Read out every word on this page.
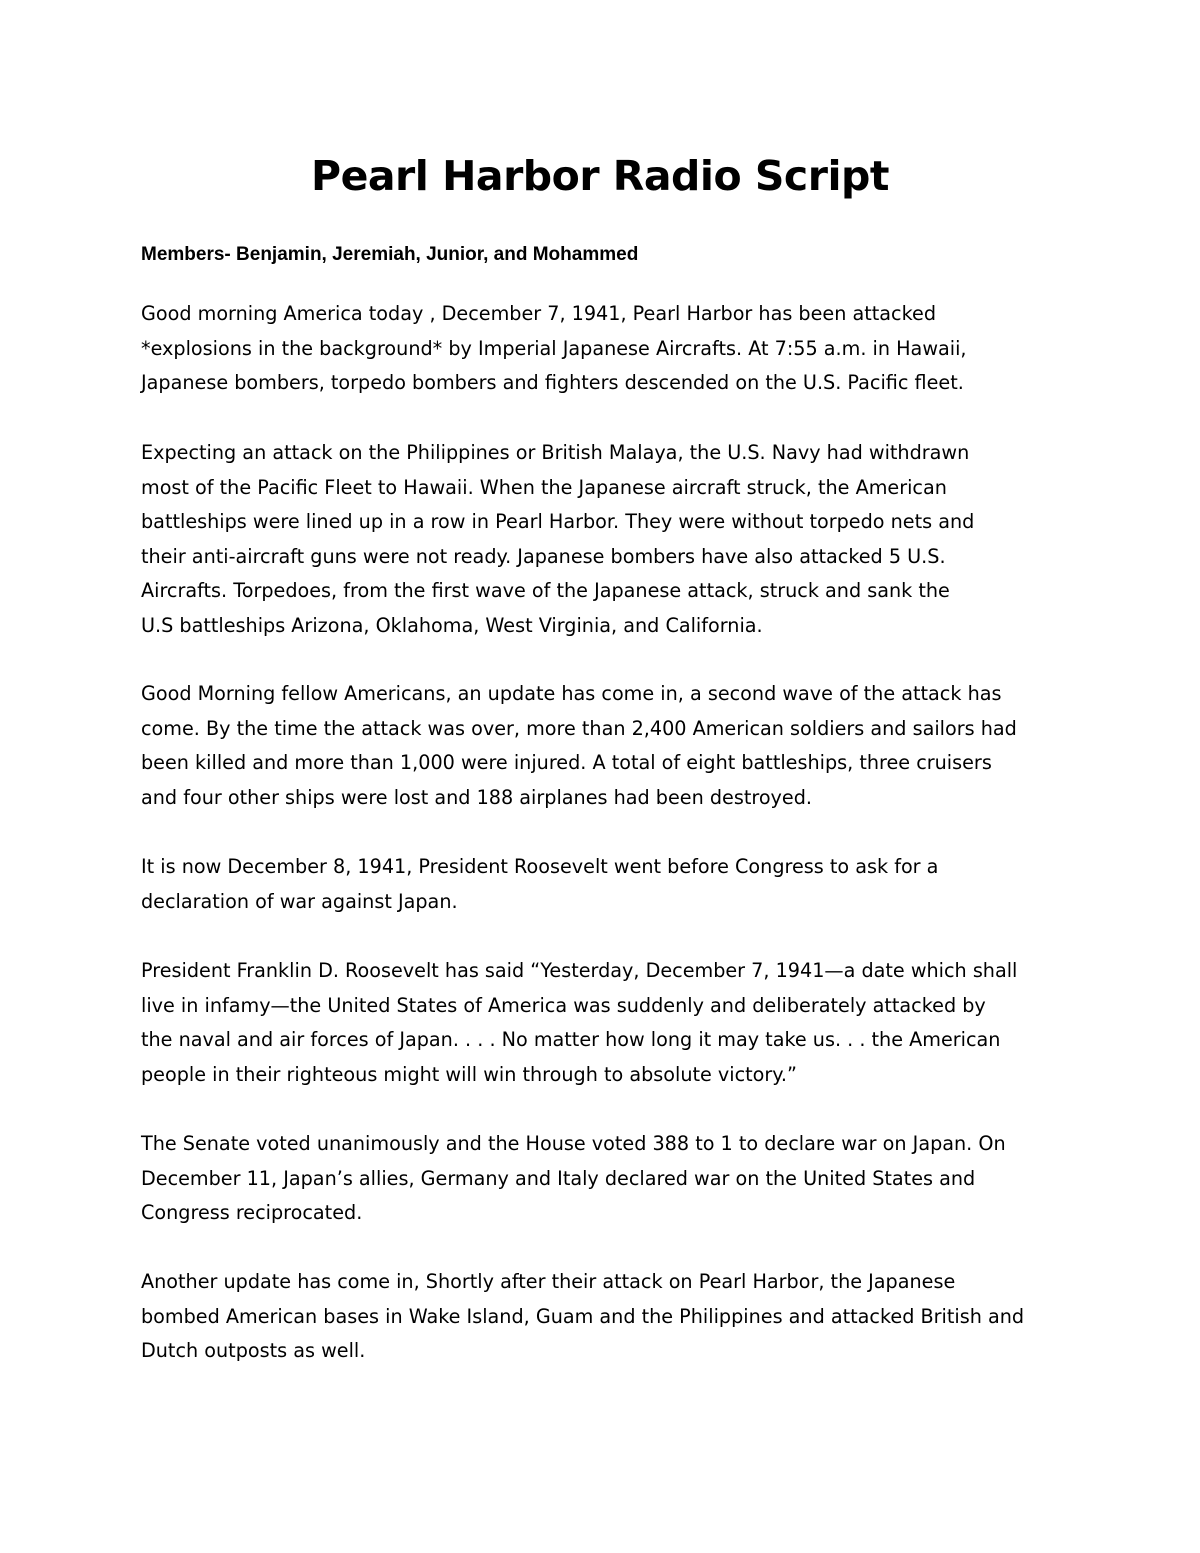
Pearl Harbor Radio Script

Members- Benjamin, Jeremiah, Junior, and Mohammed

Good morning America today , December 7, 1941, Pearl Harbor has been attacked
*explosions in the background* by Imperial Japanese Aircrafts. At 7:55 a.m. in Hawaii,
Japanese bombers, torpedo bombers and fighters descended on the U.S. Pacific fleet.
Expecting an attack on the Philippines or British Malaya, the U.S. Navy had withdrawn
most of the Pacific Fleet to Hawaii. When the Japanese aircraft struck, the American
battleships were lined up in a row in Pearl Harbor. They were without torpedo nets and
their anti-aircraft guns were not ready. Japanese bombers have also attacked 5 U.S.
Aircrafts. Torpedoes, from the first wave of the Japanese attack, struck and sank the
U.S battleships Arizona, Oklahoma, West Virginia, and California.
Good Morning fellow Americans, an update has come in, a second wave of the attack has
come. By the time the attack was over, more than 2,400 American soldiers and sailors had
been killed and more than 1,000 were injured. A total of eight battleships, three cruisers
and four other ships were lost and 188 airplanes had been destroyed.
It is now December 8, 1941, President Roosevelt went before Congress to ask for a
declaration of war against Japan.
President Franklin D. Roosevelt has said “Yesterday, December 7, 1941—a date which shall
live in infamy—the United States of America was suddenly and deliberately attacked by
the naval and air forces of Japan. . . . No matter how long it may take us. . . the American
people in their righteous might will win through to absolute victory.”
The Senate voted unanimously and the House voted 388 to 1 to declare war on Japan. On
December 11, Japan’s allies, Germany and Italy declared war on the United States and
Congress reciprocated.
Another update has come in, Shortly after their attack on Pearl Harbor, the Japanese
bombed American bases in Wake Island, Guam and the Philippines and attacked British and
Dutch outposts as well.
